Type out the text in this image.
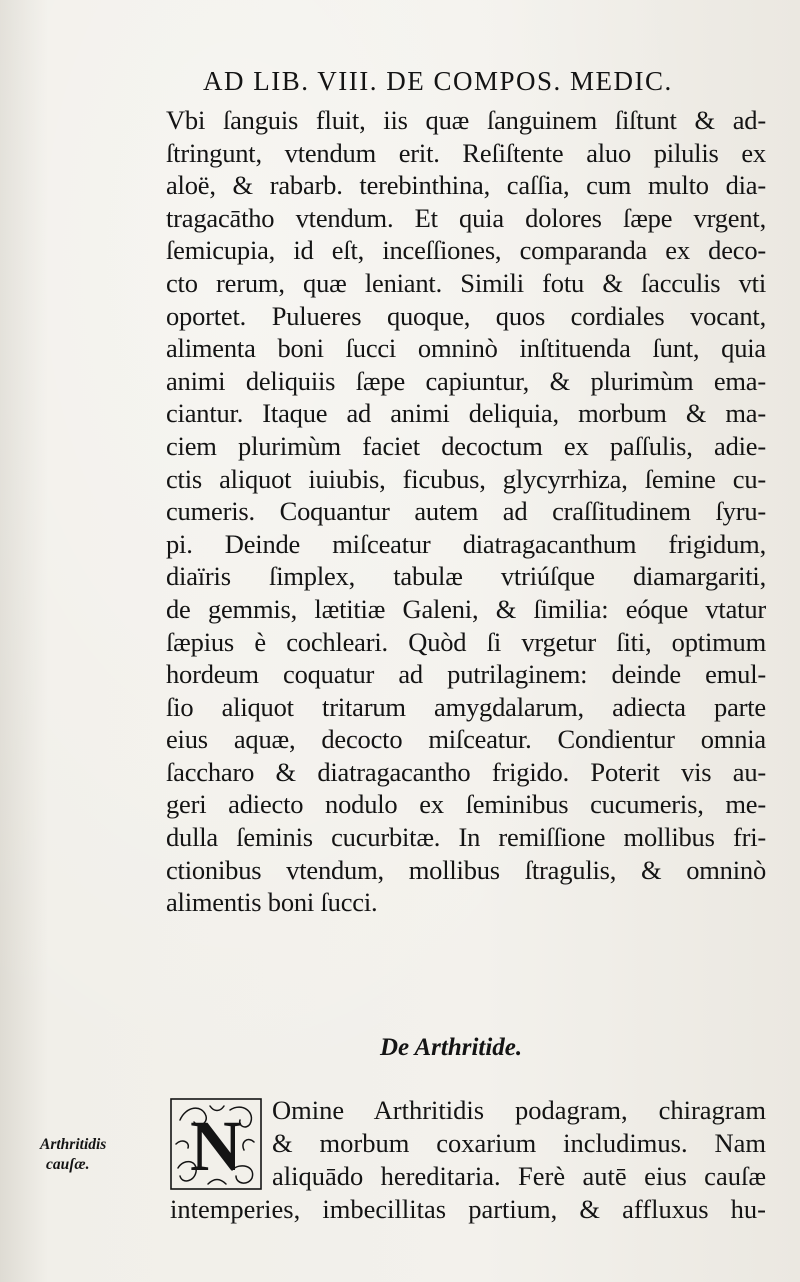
AD LIB. VIII. DE COMPOS. MEDIC.
Vbi ſanguis fluit, iis quæ ſanguinem ſiſtunt & ad-
ſtringunt, vtendum erit. Reſiſtente aluo pilulis ex
aloë, & rabarb. terebinthina, caſſia, cum multo dia-
tragacātho vtendum. Et quia dolores ſæpe vrgent,
ſemicupia, id eſt, inceſſiones, comparanda ex deco-
cto rerum, quæ leniant. Simili fotu & ſacculis vti
oportet. Pulueres quoque, quos cordiales vocant,
alimenta boni ſucci omninò inſtituenda ſunt, quia
animi deliquiis ſæpe capiuntur, & plurimùm ema-
ciantur. Itaque ad animi deliquia, morbum & ma-
ciem plurimùm faciet decoctum ex paſſulis, adie-
ctis aliquot iuiubis, ficubus, glycyrrhiza, ſemine cu-
cumeris. Coquantur autem ad craſſitudinem ſyru-
pi. Deinde miſceatur diatragacanthum frigidum,
diaïris ſimplex, tabulæ vtriúſque diamargariti,
de gemmis, lætitiæ Galeni, & ſimilia: eóque vtatur
ſæpius è cochleari. Quòd ſi vrgetur ſiti, optimum
hordeum coquatur ad putrilaginem: deinde emul-
ſio aliquot tritarum amygdalarum, adiecta parte
eius aquæ, decocto miſceatur. Condientur omnia
ſaccharo & diatragacantho frigido. Poterit vis au-
geri adiecto nodulo ex ſeminibus cucumeris, me-
dulla ſeminis cucurbitæ. In remiſſione mollibus fri-
ctionibus vtendum, mollibus ſtragulis, & omninò
alimentis boni ſucci.
De Arthritide.
Arthritidis
cauſæ.	N Omine Arthritidis podagram, chiragram
& morbum coxarium includimus. Nam
aliquādo hereditaria. Ferè autē eius cauſæ
intemperies, imbecillitas partium, & affluxus hu-
